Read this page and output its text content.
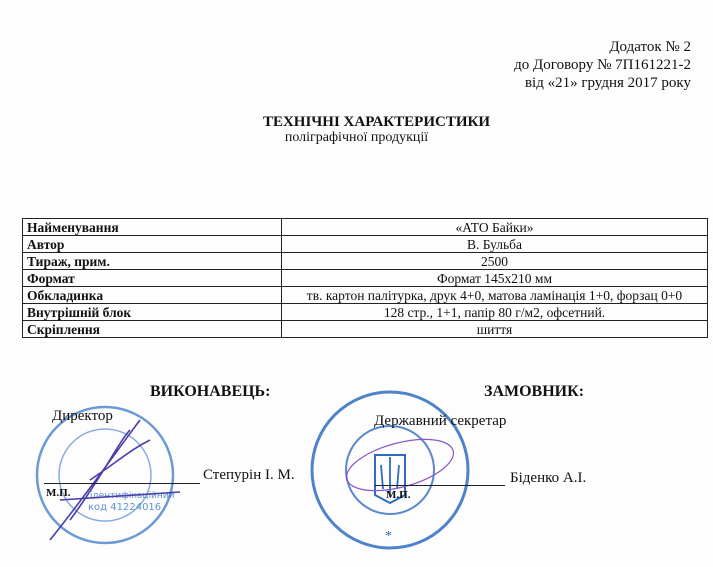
Додаток № 2
до Договору № 7П161221-2
від «21» грудня 2017 року
ТЕХНІЧНІ ХАРАКТЕРИСТИКИ
поліграфічної продукції
Найменування	«АТО Байки»
Автор	В. Бульба
Тираж, прим.	2500
Формат	Формат 145х210 мм
Обкладинка	тв. картон палітурка, друк 4+0, матова ламінація 1+0, форзац 0+0
Внутрішній блок	128 стр., 1+1, папір 80 г/м2, офсетний.
Скріплення	шиття
ідентифікаційний
код 41224016
*
ВИКОНАВЕЦЬ:
Директор
Степурін І. М.
М.П.
ЗАМОВНИК:
Державний секретар
Біденко А.І.
М.П.
